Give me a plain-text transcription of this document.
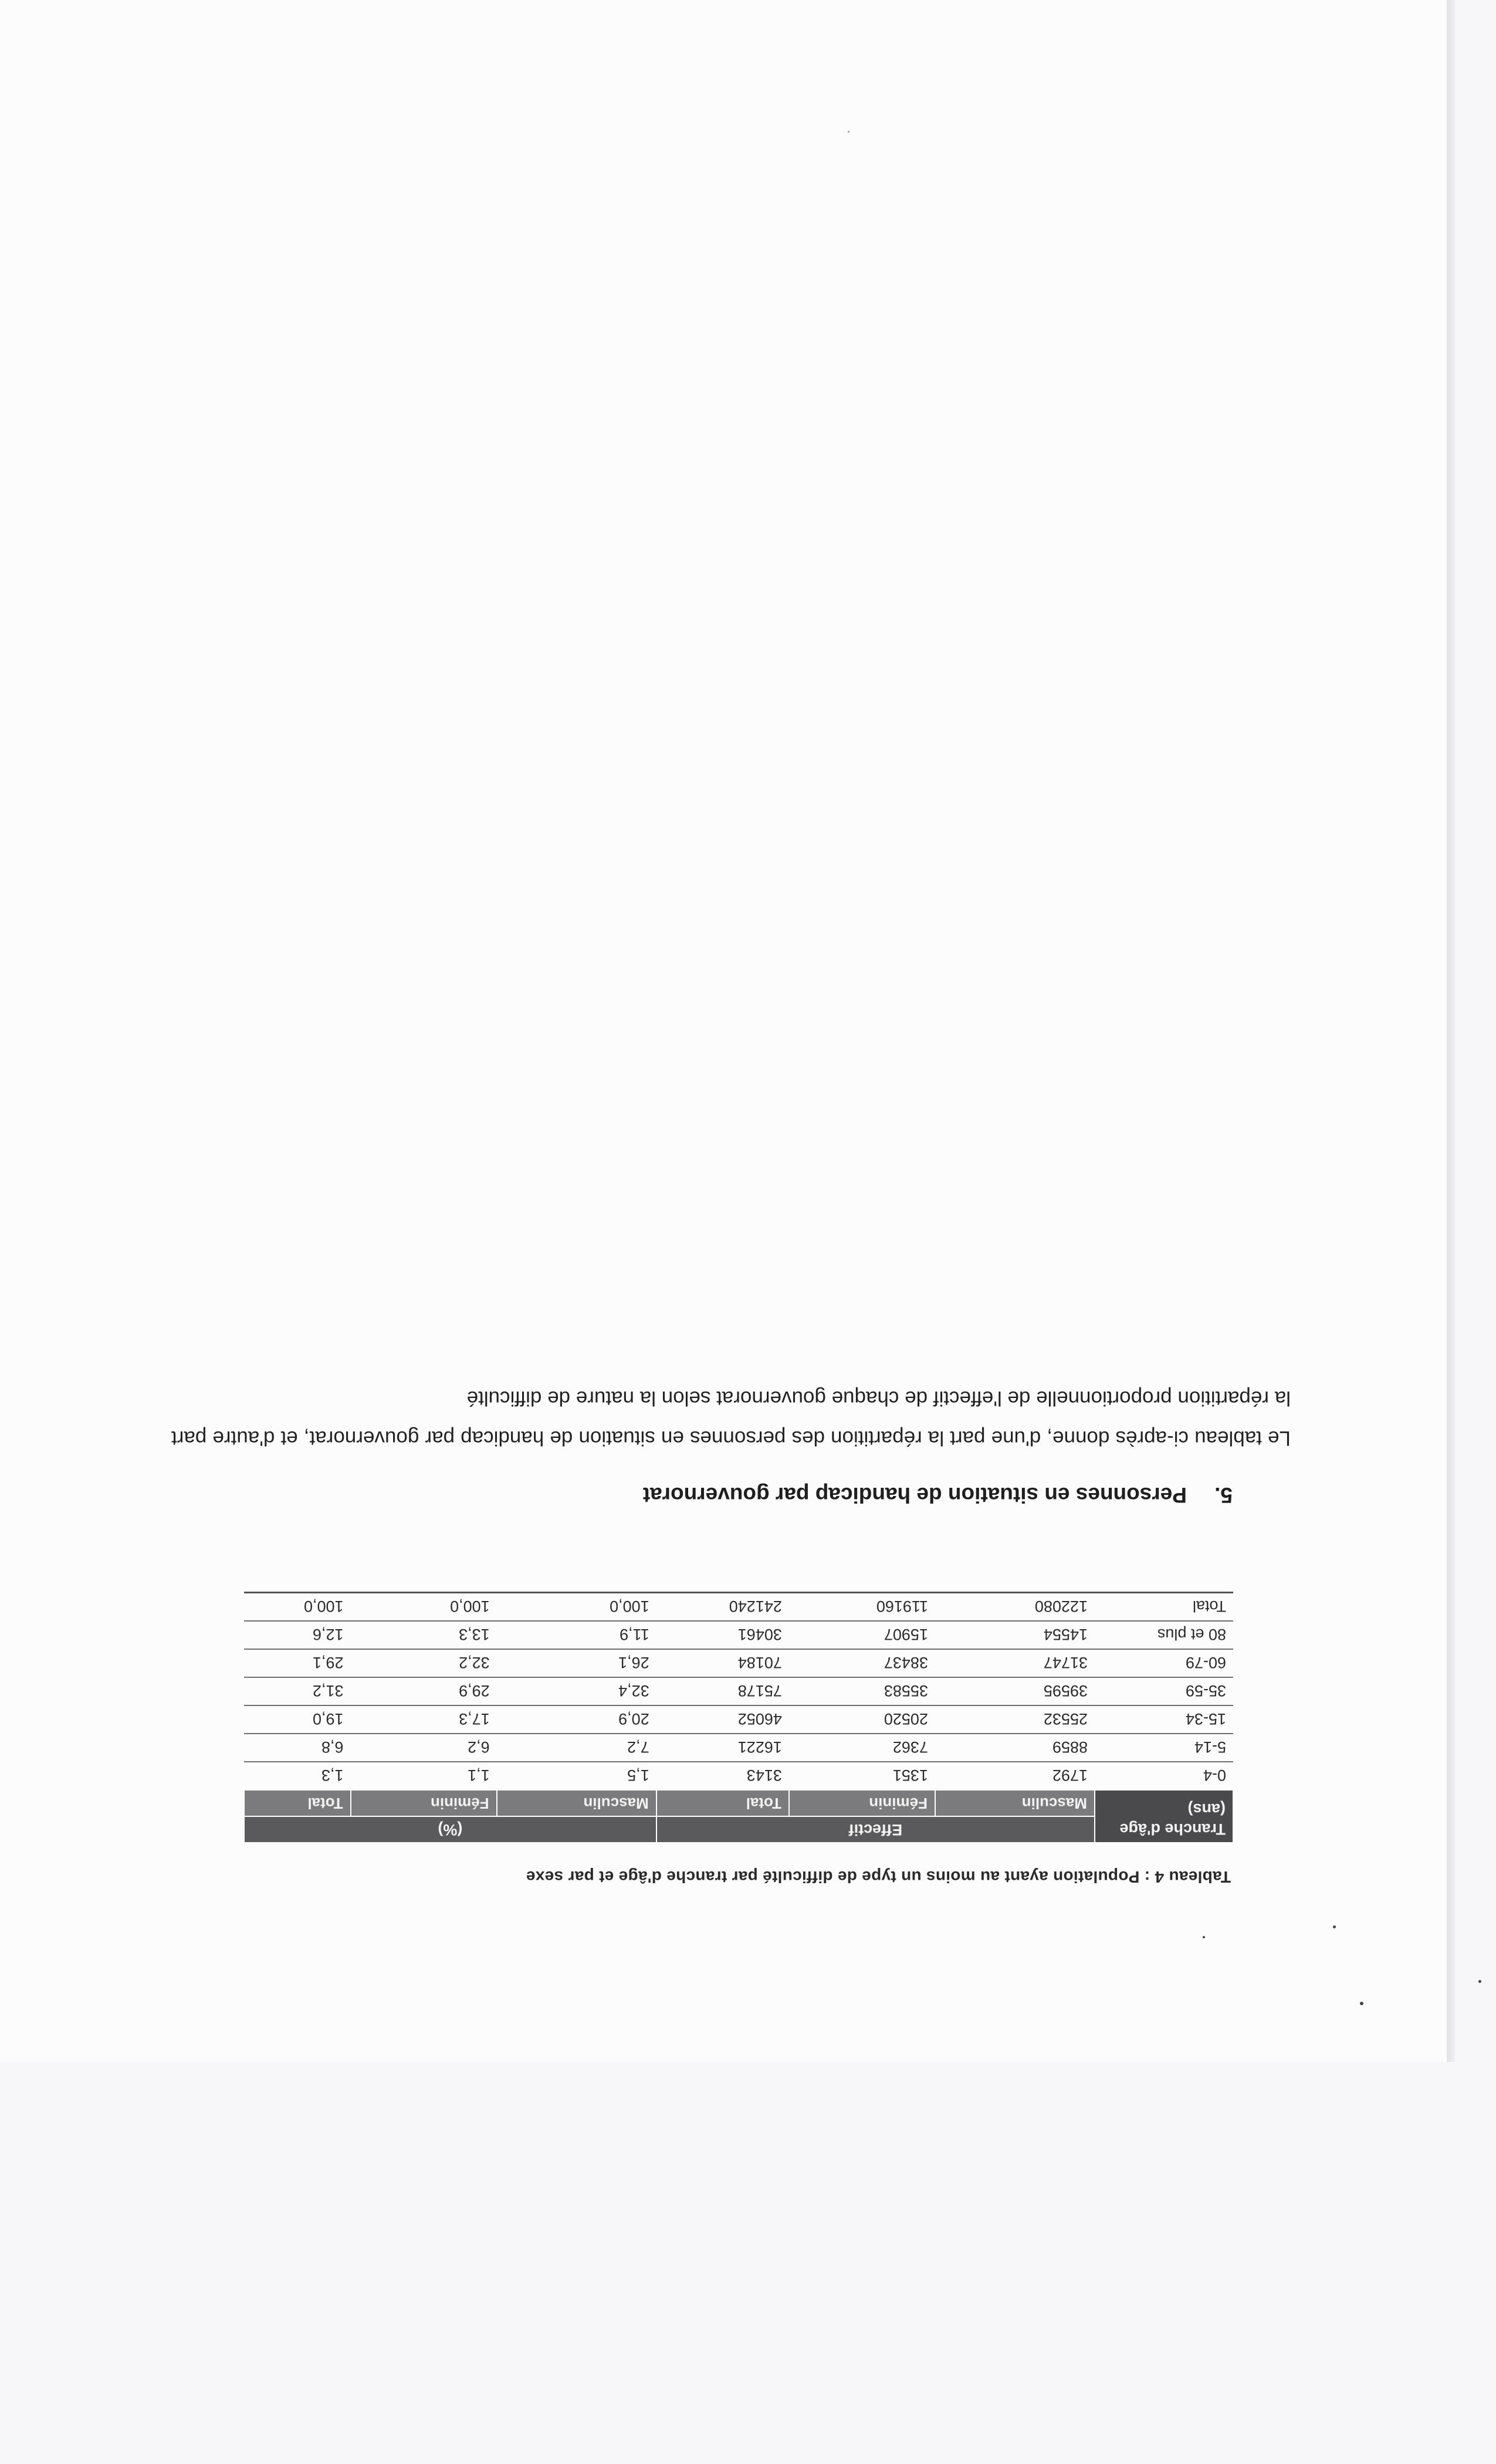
Tableau 4 : Population ayant au moins un type de difficulté par tranche d'âge et par sexe
Tranche d'âge (ans)	Effectif			(%)		
	Masculin	Féminin	Total	Masculin	Féminin	Total
0-4	1792	1351	3143	1,5	1,1	1,3
5-14	8859	7362	16221	7,2	6,2	6,8
15-34	25532	20520	46052	20,9	17,3	19,0
35-59	39595	35583	75178	32,4	29,9	31,2
60-79	31747	38437	70184	26,1	32,2	29,1
80 et plus	14554	15907	30461	11,9	13,3	12,6
Total	122080	119160	241240	100,0	100,0	100,0
5.Personnes en situation de handicap par gouvernorat
Le tableau ci-après donne, d'une part la répartition des personnes en situation de handicap par gouvernorat, et d'autre part la répartition proportionnelle de l'effectif de chaque gouvernorat selon la nature de difficulté
